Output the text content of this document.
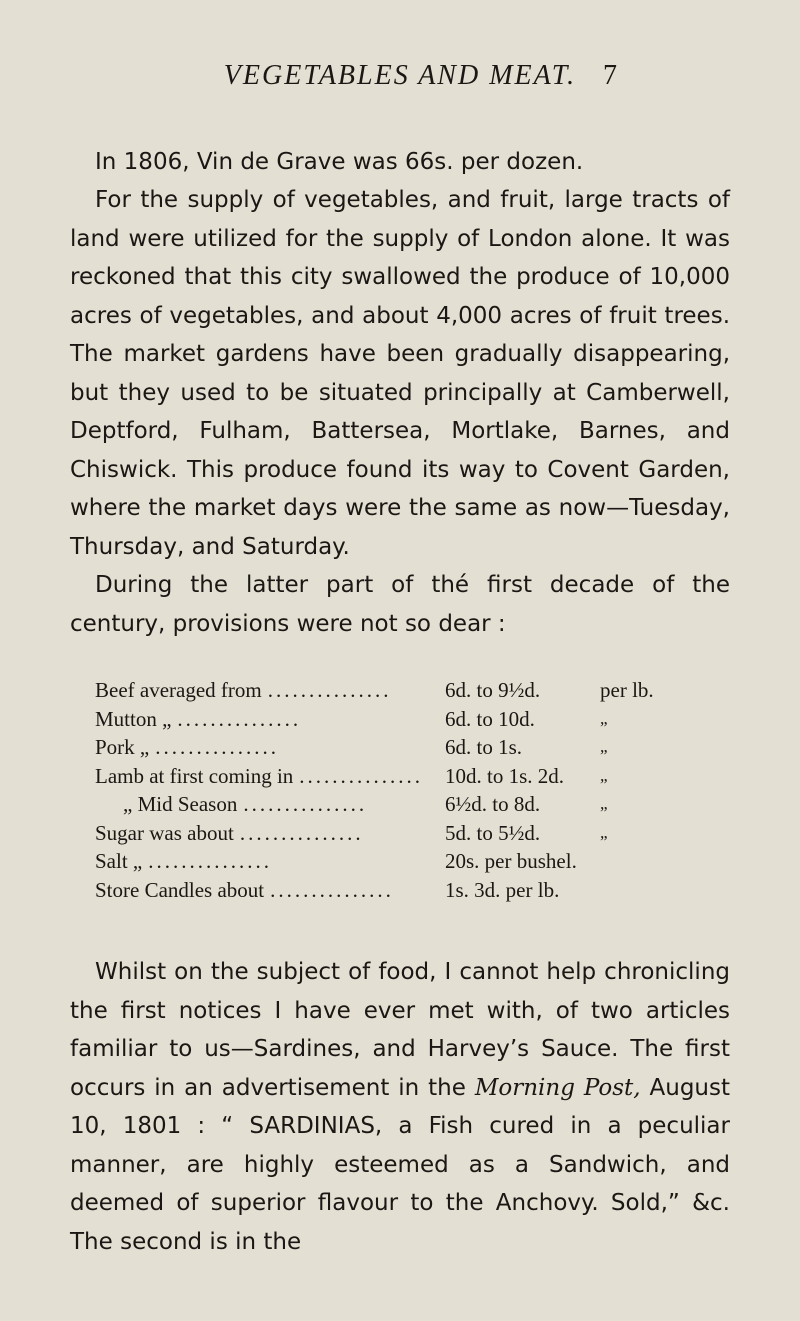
VEGETABLES AND MEAT. 7

In 1806, Vin de Grave was 66s. per dozen.

For the supply of vegetables, and fruit, large tracts of land were utilized for the supply of London alone. It was reckoned that this city swallowed the produce of 10,000 acres of vegetables, and about 4,000 acres of fruit trees. The market gardens have been gradually disappearing, but they used to be situated principally at Camberwell, Deptford, Fulham, Battersea, Mortlake, Barnes, and Chiswick. This produce found its way to Covent Garden, where the market days were the same as now—Tuesday, Thursday, and Saturday.

During the latter part of thé first decade of the century, provisions were not so dear :

Beef averaged from ...............	6d. to 9½d.	per lb.
Mutton „ ...............	6d. to 10d.	„
Pork „ ...............	6d. to 1s.	„
Lamb at first coming in ...............	10d. to 1s. 2d. „
„ Mid Season ...............	6½d. to 8d.	„
Sugar was about ...............	5d. to 5½d.	„
Salt „ ...............	20s. per bushel.
Store Candles about ...............	1s. 3d. per lb.

Whilst on the subject of food, I cannot help chronicling the first notices I have ever met with, of two articles familiar to us—Sardines, and Harvey’s Sauce. The first occurs in an advertisement in the Morning Post, August 10, 1801 : “ SARDINIAS, a Fish cured in a peculiar manner, are highly esteemed as a Sandwich, and deemed of superior flavour to the Anchovy. Sold,” &c. The second is in the
